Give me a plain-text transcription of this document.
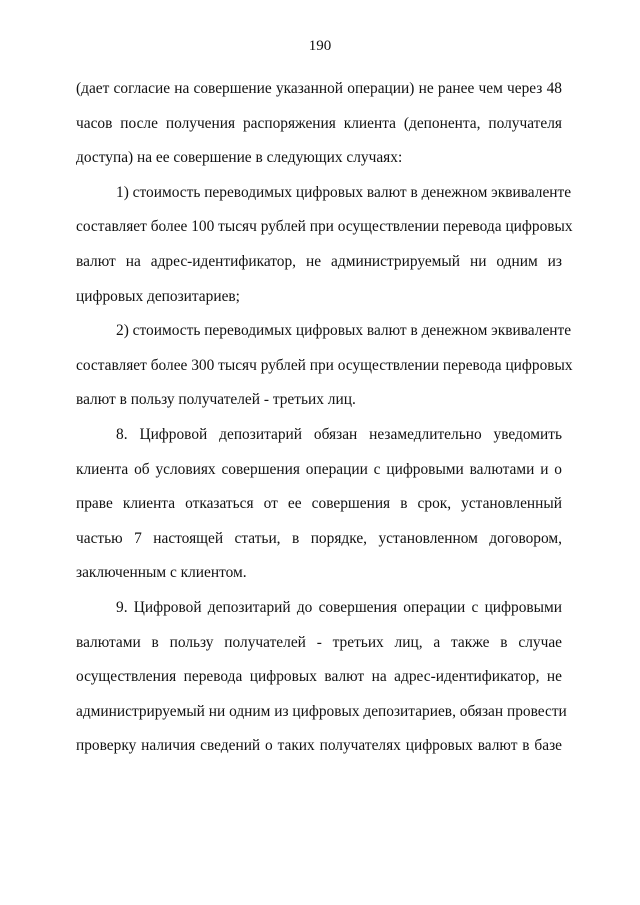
190
(дает согласие на совершение указанной операции) не ранее чем через 48
часов после получения распоряжения клиента (депонента, получателя
доступа) на ее совершение в следующих случаях:
1) стоимость переводимых цифровых валют в денежном эквиваленте
составляет более 100 тысяч рублей при осуществлении перевода цифровых
валют на адрес-идентификатор, не администрируемый ни одним из
цифровых депозитариев;
2) стоимость переводимых цифровых валют в денежном эквиваленте
составляет более 300 тысяч рублей при осуществлении перевода цифровых
валют в пользу получателей - третьих лиц.
8. Цифровой депозитарий обязан незамедлительно уведомить
клиента об условиях совершения операции с цифровыми валютами и о
праве клиента отказаться от ее совершения в срок, установленный
частью 7 настоящей статьи, в порядке, установленном договором,
заключенным с клиентом.
9. Цифровой депозитарий до совершения операции с цифровыми
валютами в пользу получателей - третьих лиц, а также в случае
осуществления перевода цифровых валют на адрес-идентификатор, не
администрируемый ни одним из цифровых депозитариев, обязан провести
проверку наличия сведений о таких получателях цифровых валют в базе
